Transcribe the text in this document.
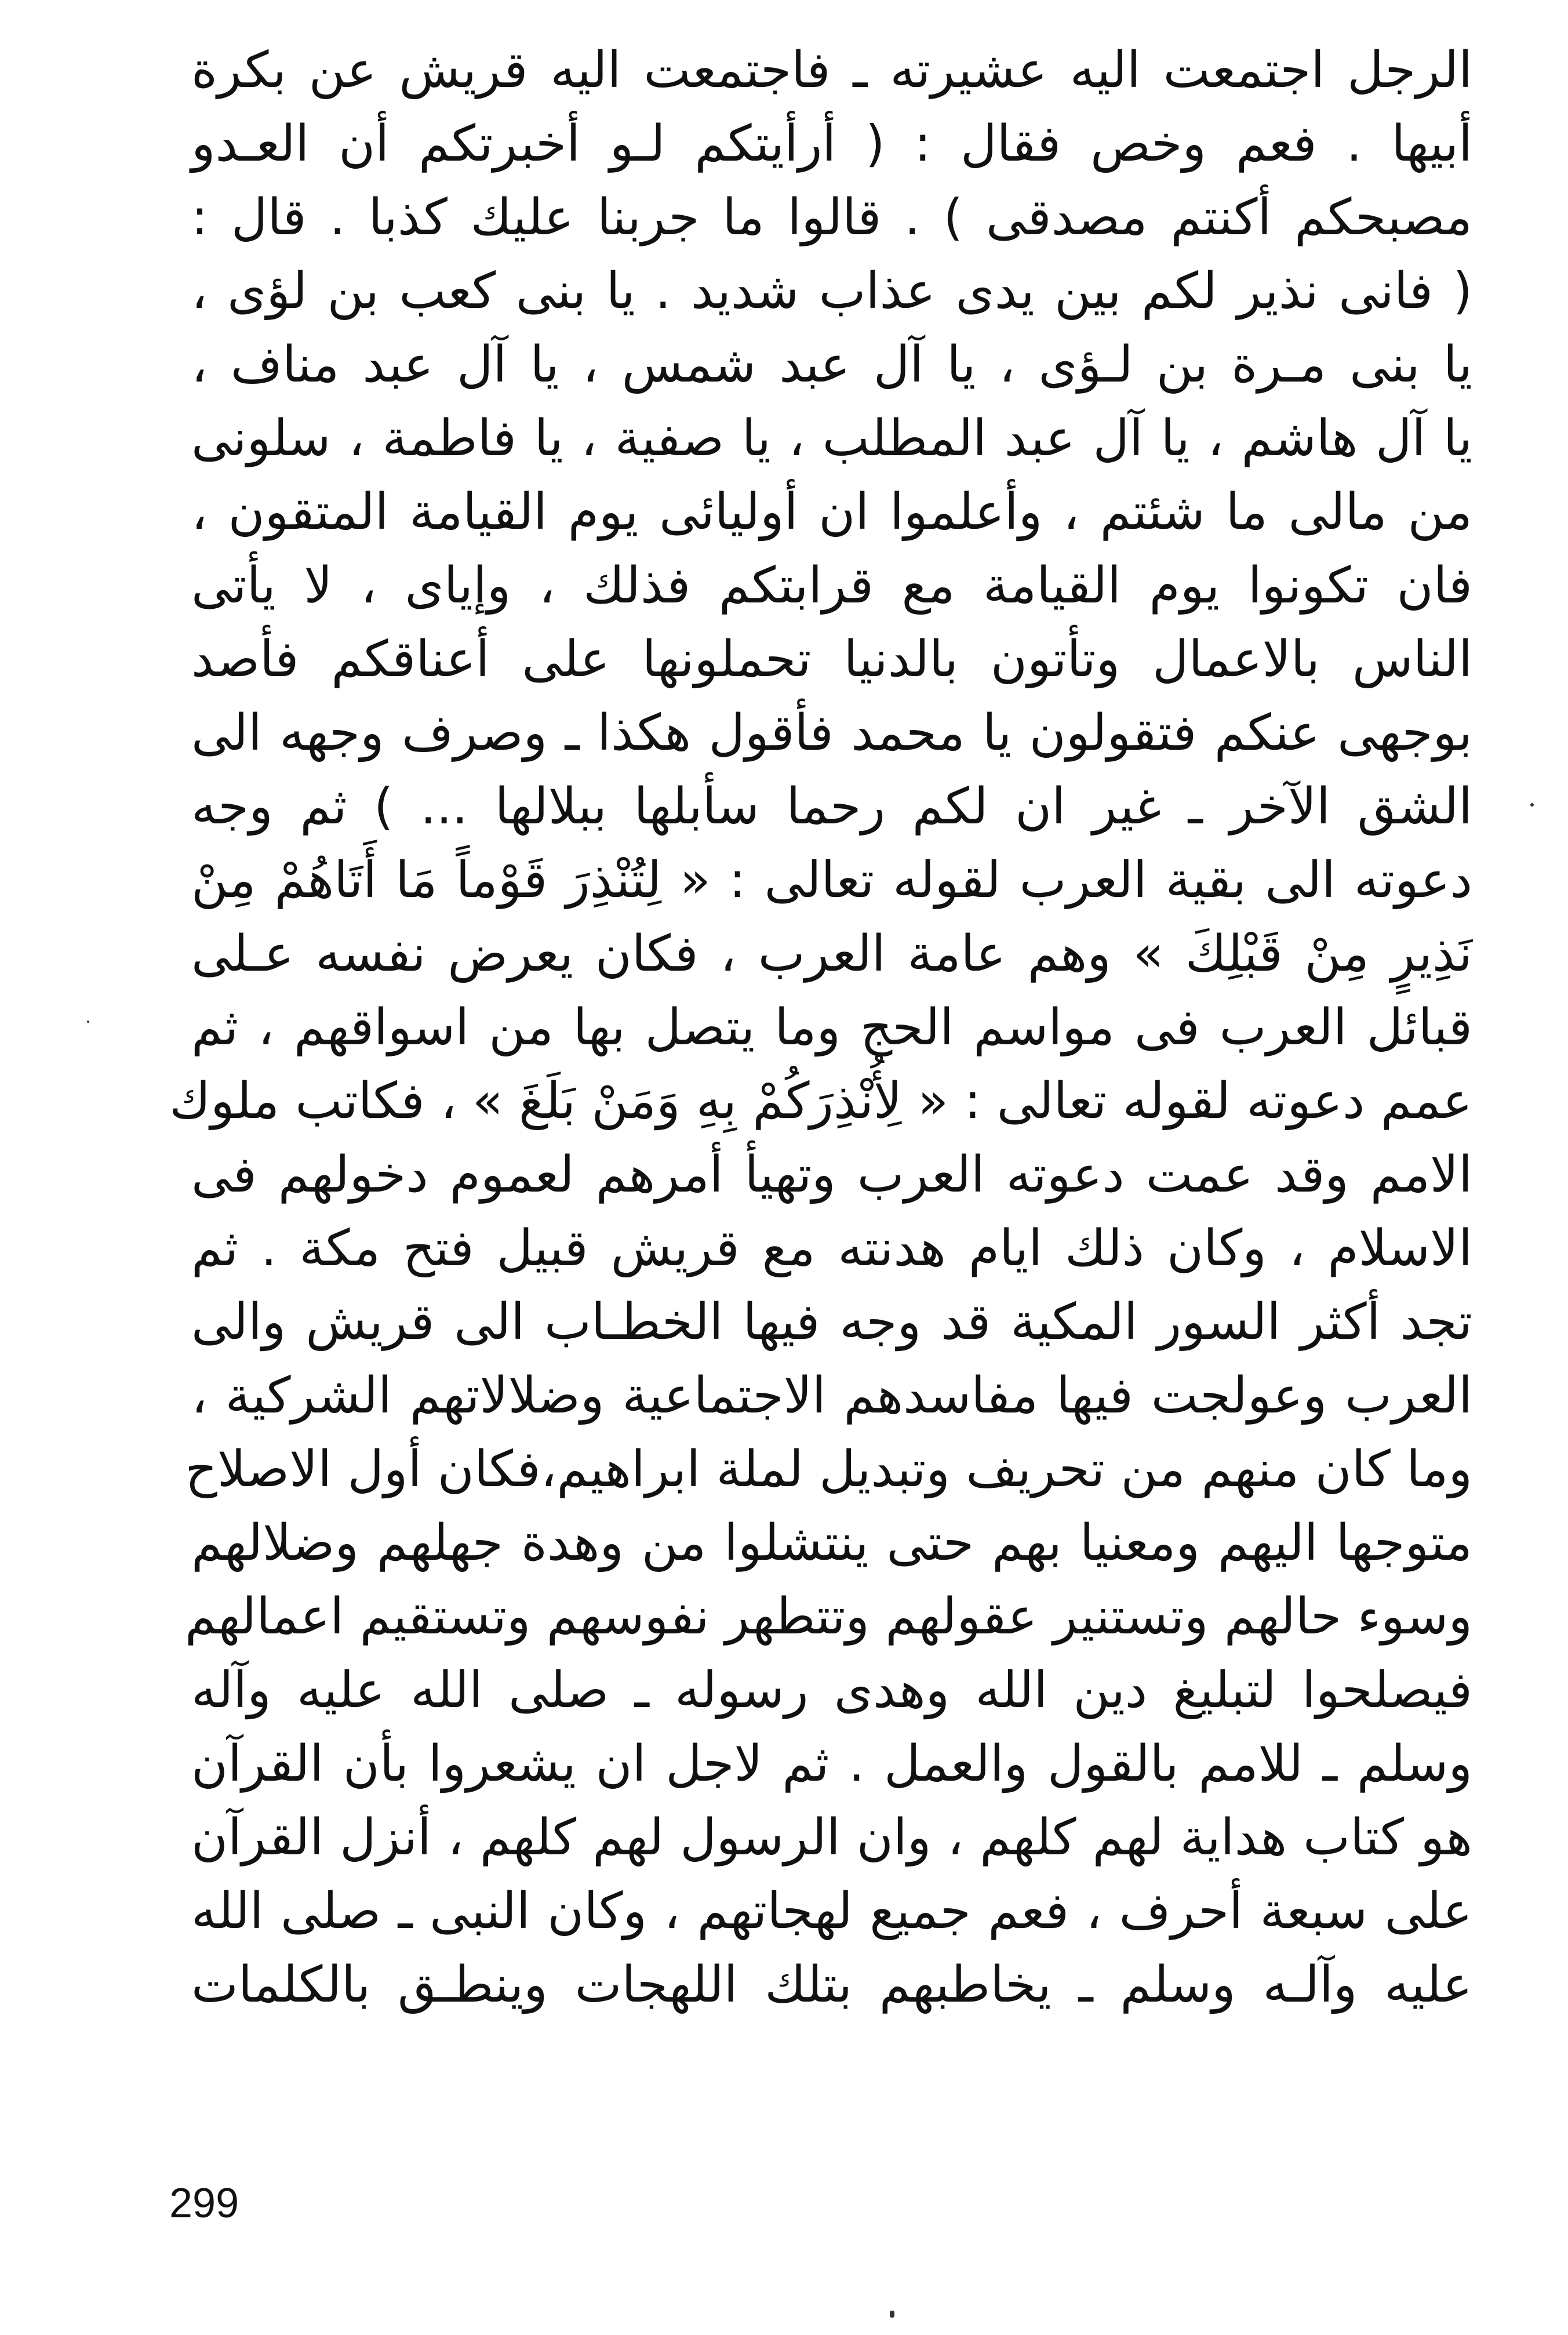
الرجل اجتمعت اليه عشيرته ـ فاجتمعت اليه قريش عن بكرة
أبيها . فعم وخص فقال : ( أرأيتكم لـو أخبرتكم أن العـدو
مصبحكم أكنتم مصدقى ) . قالوا ما جربنا عليك كذبا . قال :
( فانى نذير لكم بين يدى عذاب شديد . يا بنى كعب بن لؤى ،
يا بنى مـرة بن لـؤى ، يا آل عبد شمس ، يا آل عبد مناف ،
يا آل هاشم ، يا آل عبد المطلب ، يا صفية ، يا فاطمة ، سلونى
من مالى ما شئتم ، وأعلموا ان أوليائى يوم القيامة المتقون ،
فان تكونوا يوم القيامة مع قرابتكم فذلك ، وإياى ، لا يأتى
الناس بالاعمال وتأتون بالدنيا تحملونها على أعناقكم فأصد
بوجهى عنكم فتقولون يا محمد فأقول هكذا ـ وصرف وجهه الى
الشق الآخر ـ غير ان لكم رحما سأبلها ببلالها ... ) ثم وجه
دعوته الى بقية العرب لقوله تعالى : « لِتُنْذِرَ قَوْماً مَا أَتَاهُمْ مِنْ
نَذِيرٍ مِنْ قَبْلِكَ » وهم عامة العرب ، فكان يعرض نفسه عـلى
قبائل العرب فى مواسم الحج وما يتصل بها من اسواقهم ، ثم
عمم دعوته لقوله تعالى : « لِأُنْذِرَكُمْ بِهِ وَمَنْ بَلَغَ » ، فكاتب ملوك
الامم وقد عمت دعوته العرب وتهيأ أمرهم لعموم دخولهم فى
الاسلام ، وكان ذلك ايام هدنته مع قريش قبيل فتح مكة . ثم
تجد أكثر السور المكية قد وجه فيها الخطـاب الى قريش والى
العرب وعولجت فيها مفاسدهم الاجتماعية وضلالاتهم الشركية ،
وما كان منهم من تحريف وتبديل لملة ابراهيم،فكان أول الاصلاح
متوجها اليهم ومعنيا بهم حتى ينتشلوا من وهدة جهلهم وضلالهم
وسوء حالهم وتستنير عقولهم وتتطهر نفوسهم وتستقيم اعمالهم
فيصلحوا لتبليغ دين الله وهدى رسوله ـ صلى الله عليه وآله
وسلم ـ للامم بالقول والعمل . ثم لاجل ان يشعروا بأن القرآن
هو كتاب هداية لهم كلهم ، وان الرسول لهم كلهم ، أنزل القرآن
على سبعة أحرف ، فعم جميع لهجاتهم ، وكان النبى ـ صلى الله
عليه وآلـه وسلم ـ يخاطبهم بتلك اللهجات وينطـق بالكلمات
299
